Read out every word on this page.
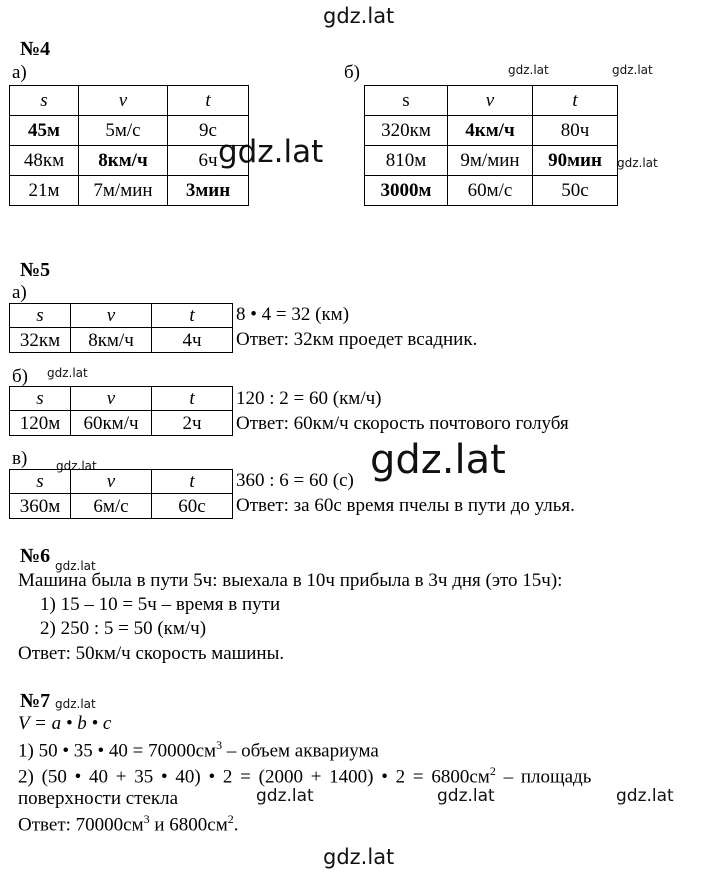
gdz.lat
gdz.lat	gdz.lat
gdz.lat	gdz.lat
gdz.lat
gdz.lat	gdz.lat
gdz.lat
gdz.lat
gdz.lat	gdz.lat	gdz.lat
gdz.lat
№4
а)
s	v	t
45м	5м/с	9с
48км	8км/ч	6ч
21м	7м/мин	3мин
б)
s	v	t
320км	4км/ч	80ч
810м	9м/мин	90мин
3000м	60м/с	50с
№5
а)
s	v	t
32км	8км/ч	4ч
8 • 4 = 32 (км)
Ответ: 32км проедет всадник.
б)
s	v	t
120м	60км/ч	2ч
120 : 2 = 60 (км/ч)
Ответ: 60км/ч скорость почтового голубя
в)
s	v	t
360м	6м/с	60с
360 : 6 = 60 (с)
Ответ: за 60с время пчелы в пути до улья.
№6
Машина была в пути 5ч: выехала в 10ч прибыла в 3ч дня (это 15ч):
1) 15 – 10 = 5ч – время в пути
2) 250 : 5 = 50 (км/ч)
Ответ: 50км/ч скорость машины.
№7
V = a • b • c
1) 50 • 35 • $40 = 70000см^3$ – объем аквариума
2) (50 • 40 + 35 • 40) • 2 = (2000 + 1400) • $2 = 6800см^2$ – площадь
поверхности стекла
Ответ: $70000см^3$ и $6800см^2$.
